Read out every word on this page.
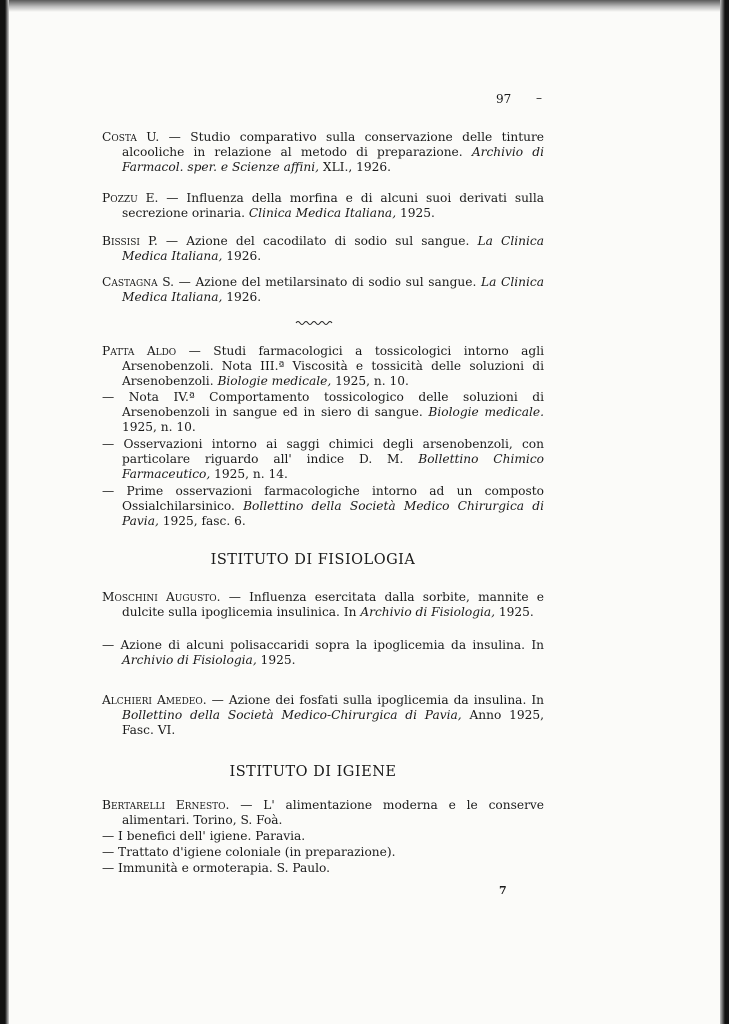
97 –
Costa U. — Studio comparativo sulla conservazione delle tinture alcooliche in relazione al metodo di preparazione. Archivio di Farmacol. sper. e Scienze affini, XLI., 1926.
Pozzu E. — Influenza della morfina e di alcuni suoi derivati sulla secrezione orinaria. Clinica Medica Italiana, 1925.
Bissisi P. — Azione del cacodilato di sodio sul sangue. La Clinica Medica Italiana, 1926.
Castagna S. — Azione del metilarsinato di sodio sul sangue. La Clinica Medica Italiana, 1926.
Patta Aldo — Studi farmacologici a tossicologici intorno agli Arsenobenzoli. Nota III.ª Viscosità e tossicità delle soluzioni di Arsenobenzoli. Biologie medicale, 1925, n. 10.
— Nota IV.ª Comportamento tossicologico delle soluzioni di Arsenobenzoli in sangue ed in siero di sangue. Biologie medicale. 1925, n. 10.
— Osservazioni intorno ai saggi chimici degli arsenobenzoli, con particolare riguardo all' indice D. M. Bollettino Chimico Farmaceutico, 1925, n. 14.
— Prime osservazioni farmacologiche intorno ad un composto Ossialchilarsinico. Bollettino della Società Medico Chirurgica di Pavia, 1925, fasc. 6.
ISTITUTO DI FISIOLOGIA
Moschini Augusto. — Influenza esercitata dalla sorbite, mannite e dulcite sulla ipoglicemia insulinica. In Archivio di Fisiologia, 1925.
— Azione di alcuni polisaccaridi sopra la ipoglicemia da insulina. In Archivio di Fisiologia, 1925.
Alchieri Amedeo. — Azione dei fosfati sulla ipoglicemia da insulina. In Bollettino della Società Medico-Chirurgica di Pavia, Anno 1925, Fasc. VI.
ISTITUTO DI IGIENE
Bertarelli Ernesto. — L' alimentazione moderna e le conserve alimentari. Torino, S. Foà.
— I benefici dell' igiene. Paravia.
— Trattato d'igiene coloniale (in preparazione).
— Immunità e ormoterapia. S. Paulo.
7
